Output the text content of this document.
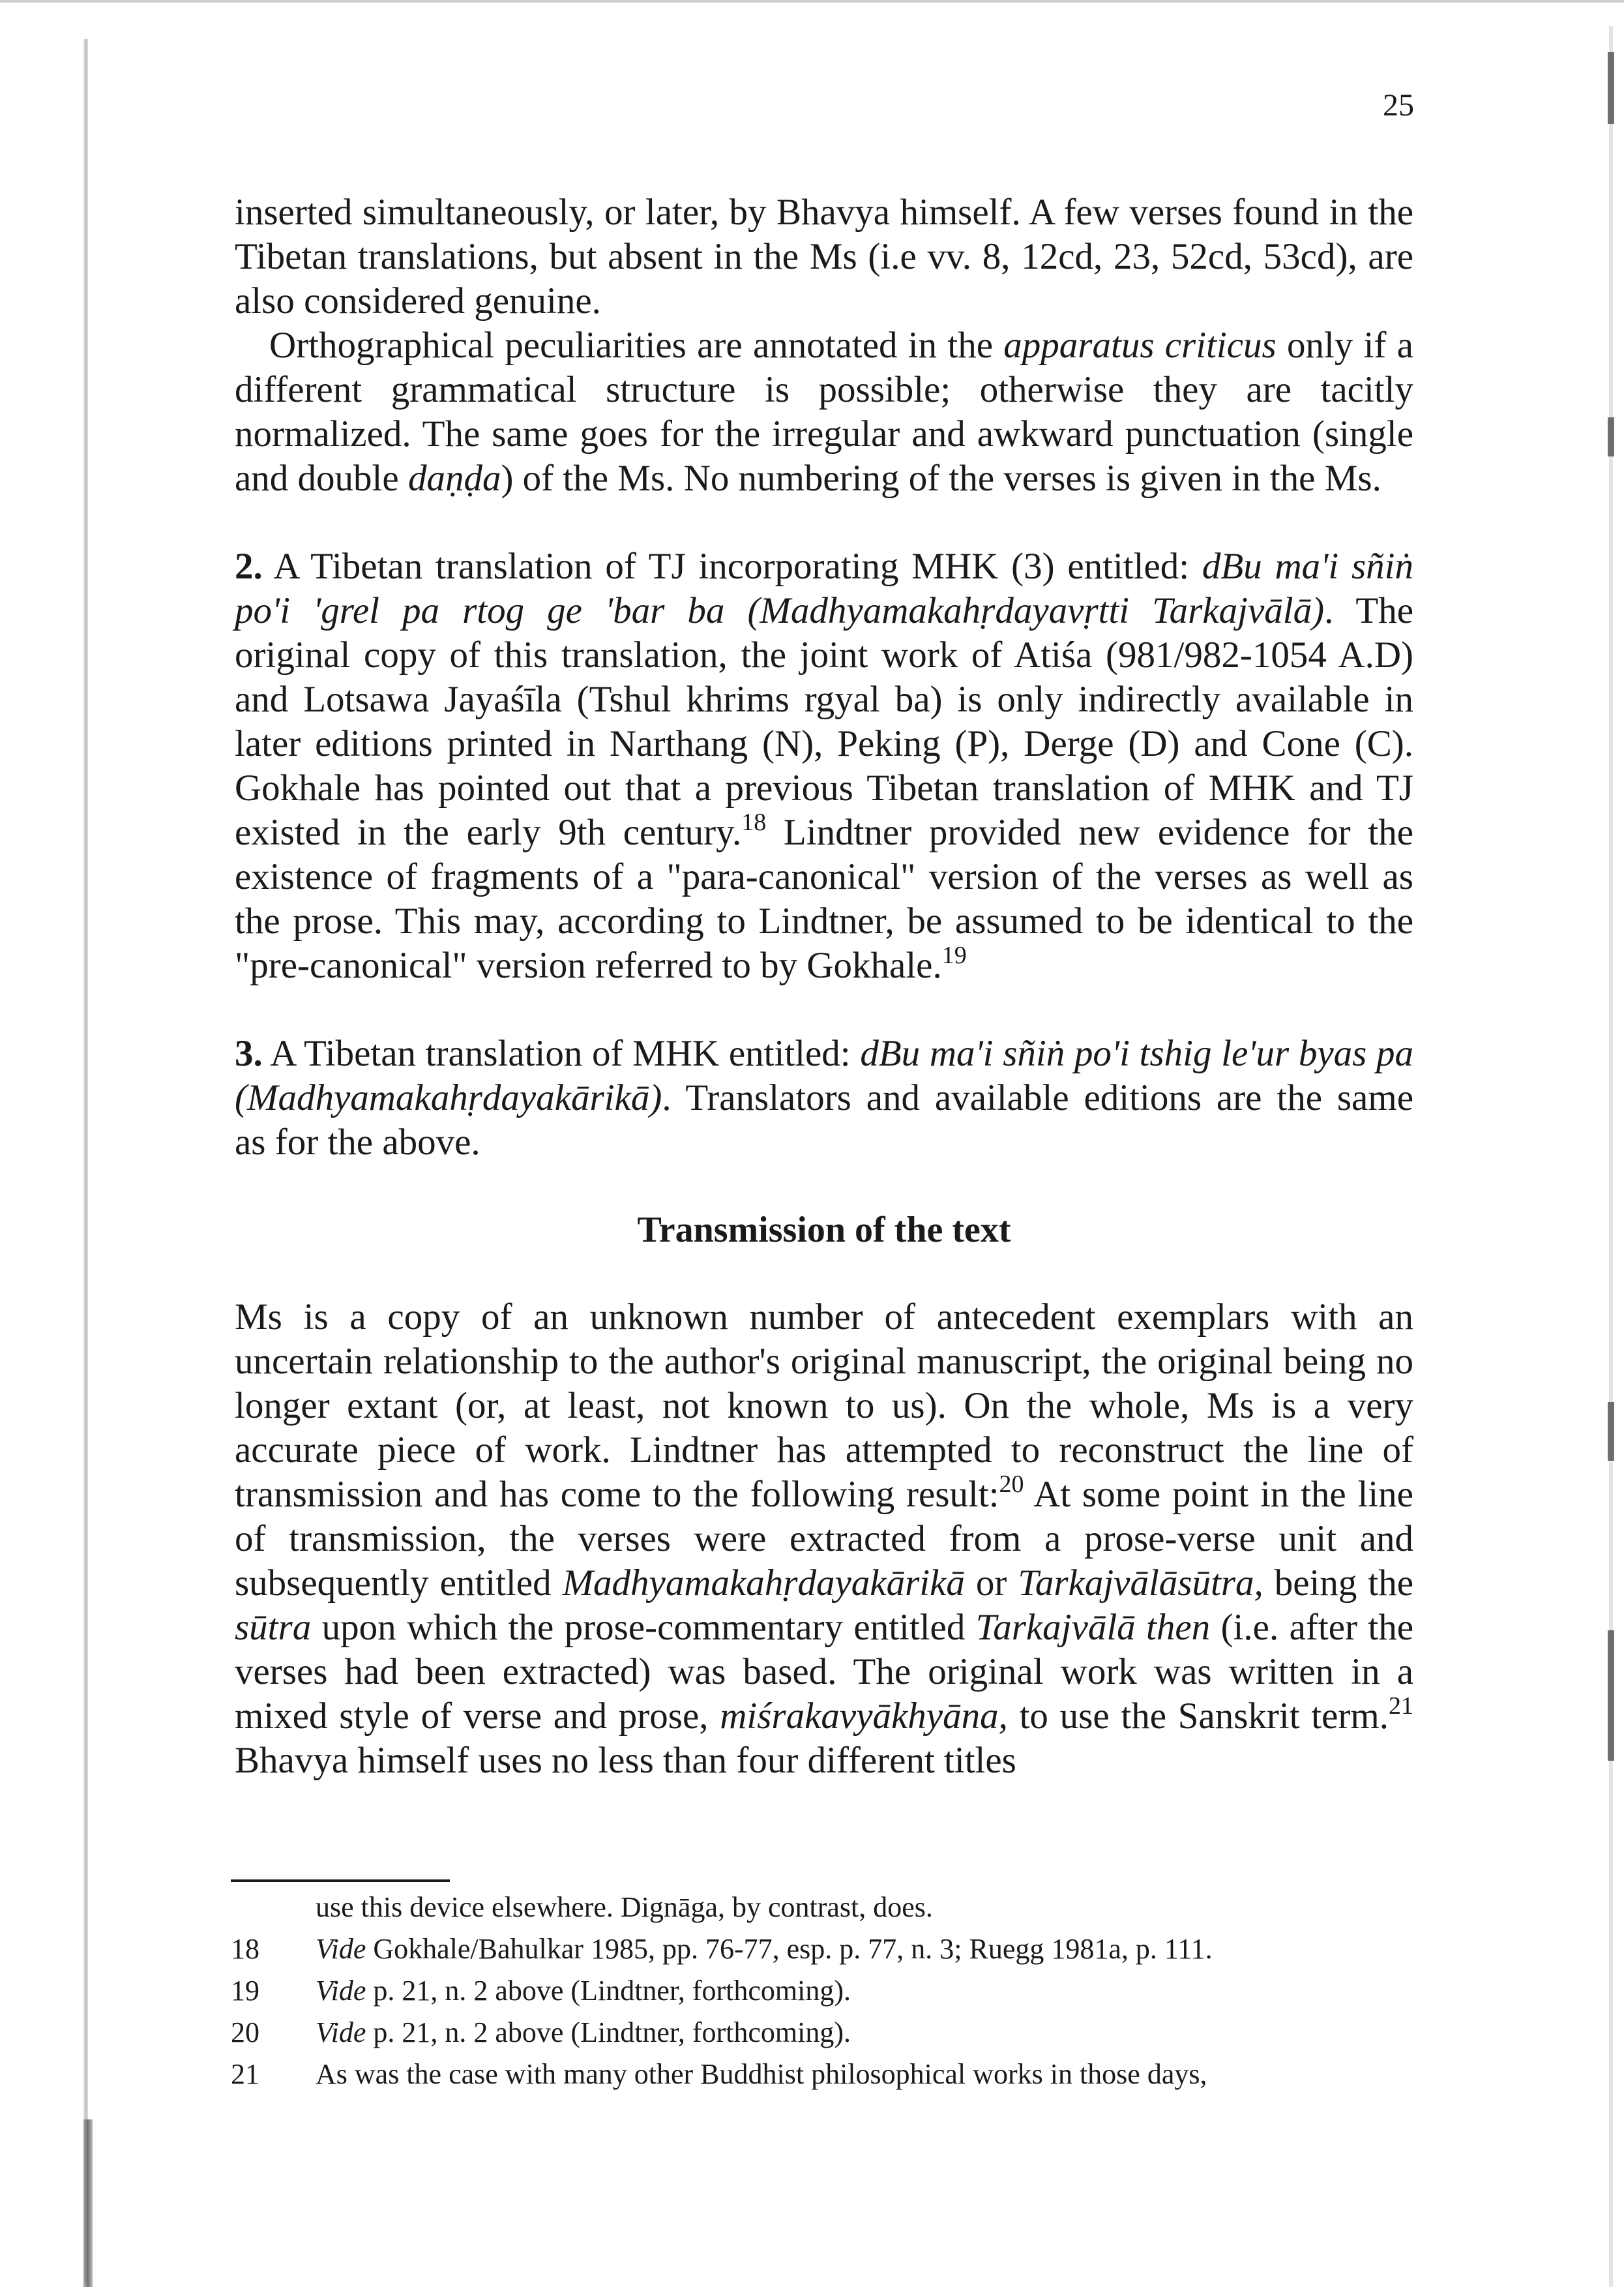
25

inserted simultaneously, or later, by Bhavya himself. A few verses found in the Tibetan translations, but absent in the Ms (i.e vv. 8, 12cd, 23, 52cd, 53cd), are also considered genuine.

Orthographical peculiarities are annotated in the apparatus criticus only if a different grammatical structure is possible; otherwise they are tacitly normalized. The same goes for the irregular and awkward punctuation (single and double daṇḍa) of the Ms. No numbering of the verses is given in the Ms.

2. A Tibetan translation of TJ incorporating MHK (3) entitled: dBu ma'i sñiṅ po'i 'grel pa rtog ge 'bar ba (Madhyamakahṛdayavṛtti Tarkajvālā). The original copy of this translation, the joint work of Atiśa (981/982-1054 A.D) and Lotsawa Jayaśīla (Tshul khrims rgyal ba) is only indirectly available in later editions printed in Narthang (N), Peking (P), Derge (D) and Cone (C). Gokhale has pointed out that a previous Tibetan translation of MHK and TJ existed in the early 9th century.$^{18}$ Lindtner provided new evidence for the existence of fragments of a "para-canonical" version of the verses as well as the prose. This may, according to Lindtner, be assumed to be identical to the "pre-canonical" version referred to by Gokhale.$^{19}$

3. A Tibetan translation of MHK entitled: dBu ma'i sñiṅ po'i tshig le'ur byas pa (Madhyamakahṛdayakārikā). Translators and available editions are the same as for the above.

Transmission of the text

Ms is a copy of an unknown number of antecedent exemplars with an uncertain relationship to the author's original manuscript, the original being no longer extant (or, at least, not known to us). On the whole, Ms is a very accurate piece of work. Lindtner has attempted to reconstruct the line of transmission and has come to the following result:$^{20}$ At some point in the line of transmission, the verses were extracted from a prose-verse unit and subsequently entitled Madhyamakahṛdayakārikā or Tarkajvālāsūtra, being the sūtra upon which the prose-commentary entitled Tarkajvālā then (i.e. after the verses had been extracted) was based. The original work was written in a mixed style of verse and prose, miśrakavyākhyāna, to use the Sanskrit term.$^{21}$ Bhavya himself uses no less than four different titles

use this device elsewhere. Dignāga, by contrast, does.
18	Vide Gokhale/Bahulkar 1985, pp. 76-77, esp. p. 77, n. 3; Ruegg 1981a, p. 111.
19	Vide p. 21, n. 2 above (Lindtner, forthcoming).
20	Vide p. 21, n. 2 above (Lindtner, forthcoming).
21	As was the case with many other Buddhist philosophical works in those days,
